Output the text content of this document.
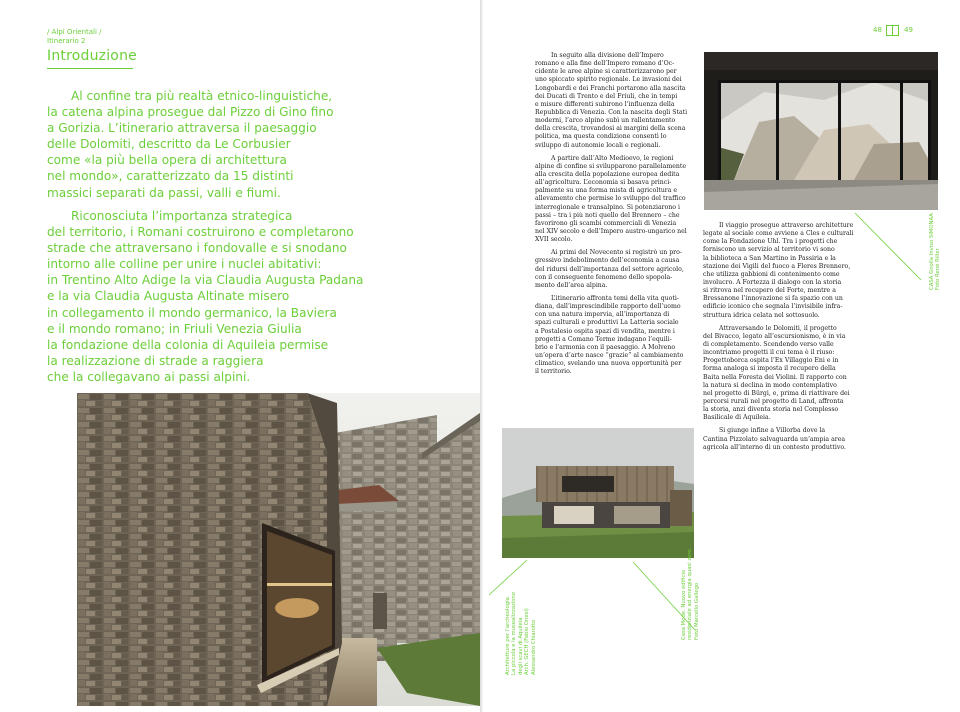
/ Alpi Orientali /
Itinerario 2
Introduzione
Al confine tra più realtà etnico-linguistiche,
la catena alpina prosegue dal Pizzo di Gino fino
a Gorizia. L’itinerario attraversa il paesaggio
delle Dolomiti, descritto da Le Corbusier
come «la più bella opera di architettura
nel mondo», caratterizzato da 15 distinti
massici separati da passi, valli e fiumi.
Riconosciuta l’importanza strategica
del territorio, i Romani costruirono e completarono
strade che attraversano i fondovalle e si snodano
intorno alle colline per unire i nuclei abitativi:
in Trentino Alto Adige la via Claudia Augusta Padana
e la via Claudia Augusta Altinate misero
in collegamento il mondo germanico, la Baviera
e il mondo romano; in Friuli Venezia Giulia
la fondazione della colonia di Aquileia permise
la realizzazione di strade a raggiera
che la collegavano ai passi alpini.
48	49
In seguito alla divisione dell’Impero
romano e alla fine dell’Impero romano d’Oc-
cidente le aree alpine si caratterizzarono per
uno spiccato spirito regionale. Le invasioni dei
Longobardi e dei Franchi portarono alla nascita
dei Ducati di Trento e del Friuli, che in tempi
e misure differenti subirono l’influenza della
Repubblica di Venezia. Con la nascita degli Stati
moderni, l’arco alpino subì un rallentamento
della crescita, trovandosi ai margini della scena
politica, ma questa condizione consentì lo
sviluppo di autonomie locali e regionali.
A partire dall’Alto Medioevo, le regioni
alpine di confine si svilupparono parallelamente
alla crescita della popolazione europea dedita
all’agricoltura. L’economia si basava princi-
palmente su una forma mista di agricoltura e
allevamento che permise lo sviluppo del traffico
interregionale e transalpino. Si potenziarono i
passi – tra i più noti quello del Brennero – che
favorirono gli scambi commerciali di Venezia
nel XIV secolo e dell’Impero austro-ungarico nel
XVII secolo.
Ai primi del Novecento si registrò un pro-
gressivo indebolimento dell’economia a causa
del ridursi dell’importanza del settore agricolo,
con il conseguente fenomeno dello spopola-
mento dell’area alpina.
L’itinerario affronta temi della vita quoti-
diana, dall’imprescindibile rapporto dell’uomo
con una natura impervia, all’importanza di
spazi culturali e produttivi La Latteria sociale
a Postalesio ospita spazi di vendita, mentre i
progetti a Comano Terme indagano l’equili-
brio e l’armonia con il paesaggio. A Molveno
un’opera d’arte nasce “grazie” al cambiamento
climatico, svelando una nuova opportunità per
il territorio.
Il viaggio prosegue attraverso architetture
legate al sociale come avviene a Cles e culturali
come la Fondazione Uhl. Tra i progetti che
forniscono un servizio al territorio vi sono
la biblioteca a San Martino in Passiria e la
stazione dei Vigili del fuoco a Fleres Brennero,
che utilizza gabbioni di contenimento come
involucro. A Fortezza il dialogo con la storia
si ritrova nel recupero del Forte, mentre a
Bressanone l’innovazione si fa spazio con un
edificio iconico che segnala l’invisibile infra-
struttura idrica celata nel sottosuolo.
Attraversando le Dolomiti, il progetto
del Bivacco, legato all’escursionismo, è in via
di completamento. Scendendo verso valle
incontriamo progetti il cui tema è il riuso:
Progettoborca ospita l’Ex Villaggio Eni e in
forma analoga si imposta il recupero della
Baita nella Foresta dei Violini. Il rapporto con
la natura si declina in modo contemplativo
nel progetto di Bürgi, e, prima di riattivare dei
percorsi rurali nel progetto di Land, affronta
la storia, anzi diventa storia nel Complesso
Basilicale di Aquileia.
Si giunge infine a Villorba dove la
Cantina Pizzolato salvaguarda un’ampia area
agricola all’interno di un contesto produttivo.
CASA Gnolla Inviso SIMONAA Foto René Riller
Casa Mode. Nuovo edificio residenziale ad energia quasi zero. Foto Marcello Gallego
Architetture per l’archeologia. La piccola e la musealizzazione degli scavi di Aquileia Arch. GECH (Fabio Onesi) Alessandro Chiarotto
